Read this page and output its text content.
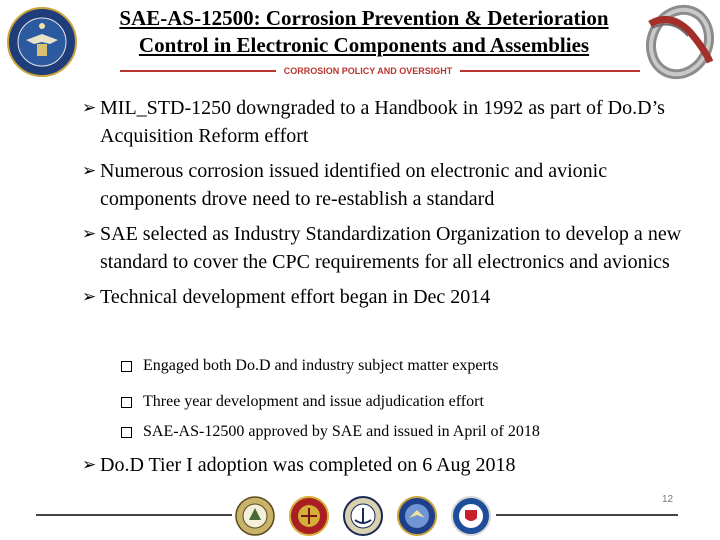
SAE-AS-12500: Corrosion Prevention & Deterioration
Control in Electronic Components and Assemblies
CORROSION POLICY AND OVERSIGHT
➢ MIL_STD-1250 downgraded to a Handbook in 1992 as part of Do.D’s Acquisition Reform effort
➢ Numerous corrosion issued identified on electronic and avionic components drove need to re-establish a standard
➢ SAE selected as Industry Standardization Organization to develop a new standard to cover the CPC requirements for all electronics and avionics
➢ Technical development effort began in Dec 2014
Engaged both Do.D and industry subject matter experts
Three year development and issue adjudication effort
SAE-AS-12500 approved by SAE and issued in April of 2018
➢ Do.D Tier I adoption was completed on 6 Aug 2018
12
